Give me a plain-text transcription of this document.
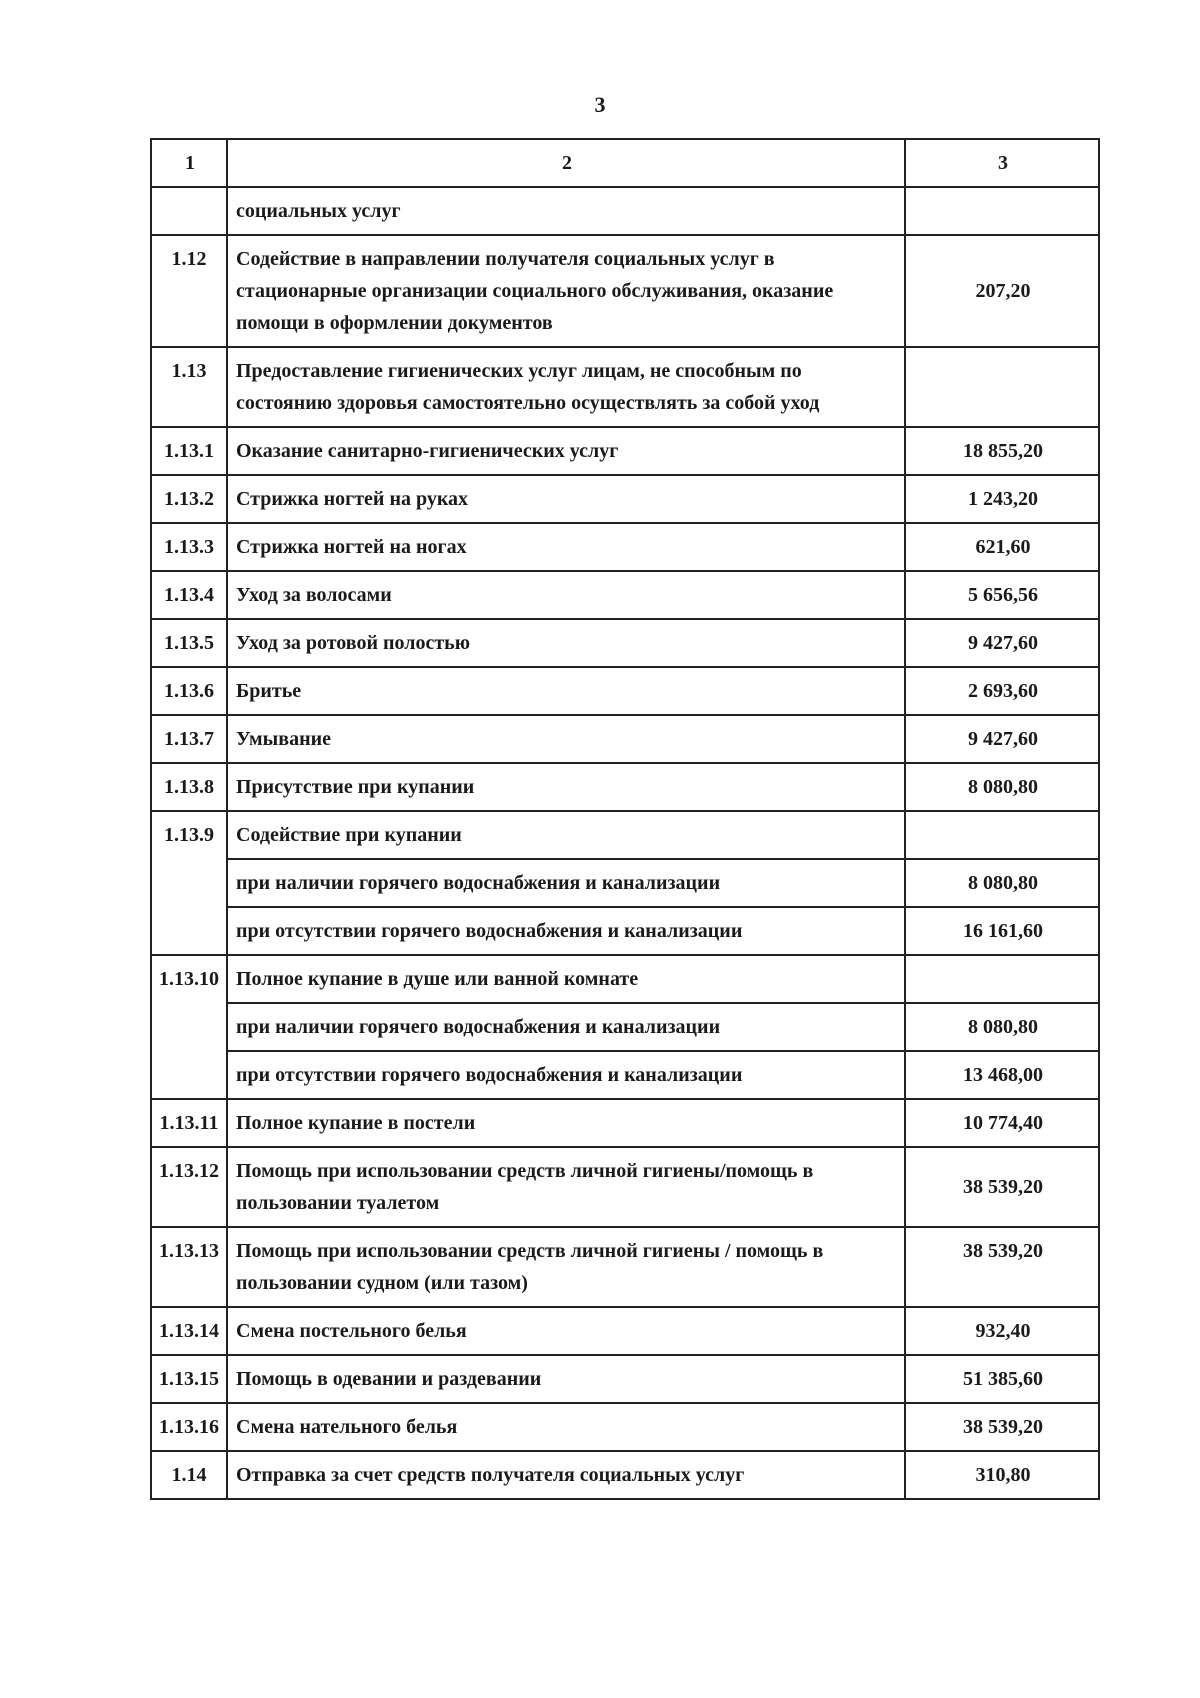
3
1	2	3
	социальных услуг	
1.12	Содействие в направлении получателя социальных услуг в стационарные организации социального обслуживания, оказание помощи в оформлении документов	207,20
1.13	Предоставление гигиенических услуг лицам, не способным по состоянию здоровья самостоятельно осуществлять за собой уход	
1.13.1	Оказание санитарно-гигиенических услуг	18 855,20
1.13.2	Стрижка ногтей на руках	1 243,20
1.13.3	Стрижка ногтей на ногах	621,60
1.13.4	Уход за волосами	5 656,56
1.13.5	Уход за ротовой полостью	9 427,60
1.13.6	Бритье	2 693,60
1.13.7	Умывание	9 427,60
1.13.8	Присутствие при купании	8 080,80
1.13.9	Содействие при купании	
	при наличии горячего водоснабжения и канализации	8 080,80
	при отсутствии горячего водоснабжения и канализации	16 161,60
1.13.10	Полное купание в душе или ванной комнате	
	при наличии горячего водоснабжения и канализации	8 080,80
	при отсутствии горячего водоснабжения и канализации	13 468,00
1.13.11	Полное купание в постели	10 774,40
1.13.12	Помощь при использовании средств личной гигиены/помощь в пользовании туалетом	38 539,20
1.13.13	Помощь при использовании средств личной гигиены / помощь в пользовании судном (или тазом)	38 539,20
1.13.14	Смена постельного белья	932,40
1.13.15	Помощь в одевании и раздевании	51 385,60
1.13.16	Смена нательного белья	38 539,20
1.14	Отправка за счет средств получателя социальных услуг	310,80
